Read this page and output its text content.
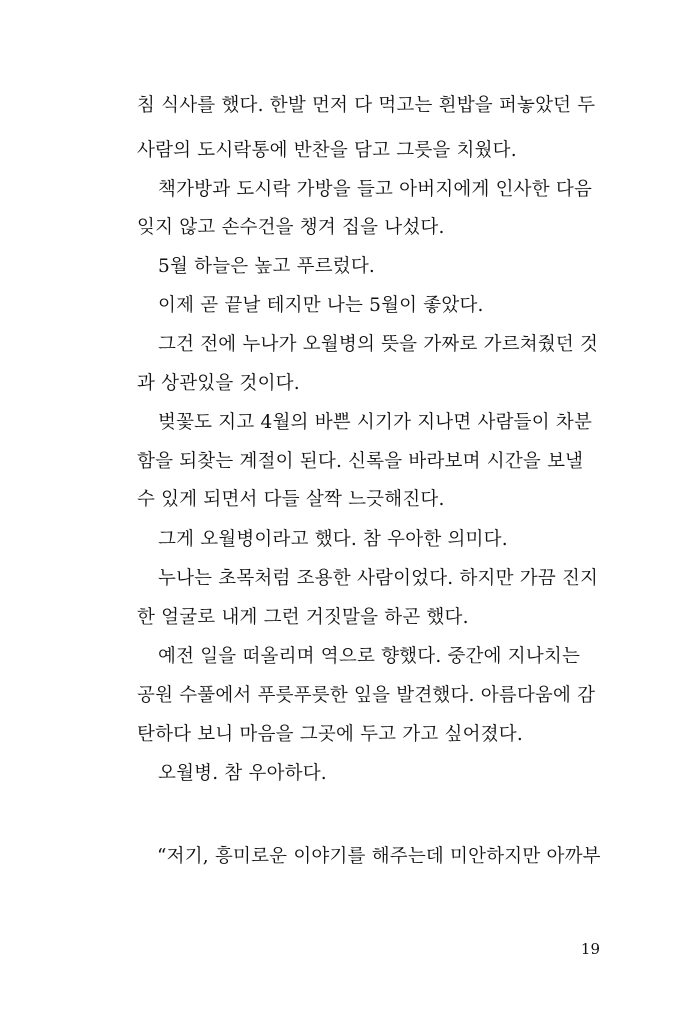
침 식사를 했다. 한발 먼저 다 먹고는 흰밥을 퍼놓았던 두
사람의 도시락통에 반찬을 담고 그릇을 치웠다.
책가방과 도시락 가방을 들고 아버지에게 인사한 다음
잊지 않고 손수건을 챙겨 집을 나섰다.
5월 하늘은 높고 푸르렀다.
이제 곧 끝날 테지만 나는 5월이 좋았다.
그건 전에 누나가 오월병의 뜻을 가짜로 가르쳐줬던 것
과 상관있을 것이다.
벚꽃도 지고 4월의 바쁜 시기가 지나면 사람들이 차분
함을 되찾는 계절이 된다. 신록을 바라보며 시간을 보낼
수 있게 되면서 다들 살짝 느긋해진다.
그게 오월병이라고 했다. 참 우아한 의미다.
누나는 초목처럼 조용한 사람이었다. 하지만 가끔 진지
한 얼굴로 내게 그런 거짓말을 하곤 했다.
예전 일을 떠올리며 역으로 향했다. 중간에 지나치는
공원 수풀에서 푸릇푸릇한 잎을 발견했다. 아름다움에 감
탄하다 보니 마음을 그곳에 두고 가고 싶어졌다.
오월병. 참 우아하다.
“저기, 흥미로운 이야기를 해주는데 미안하지만 아까부
19
